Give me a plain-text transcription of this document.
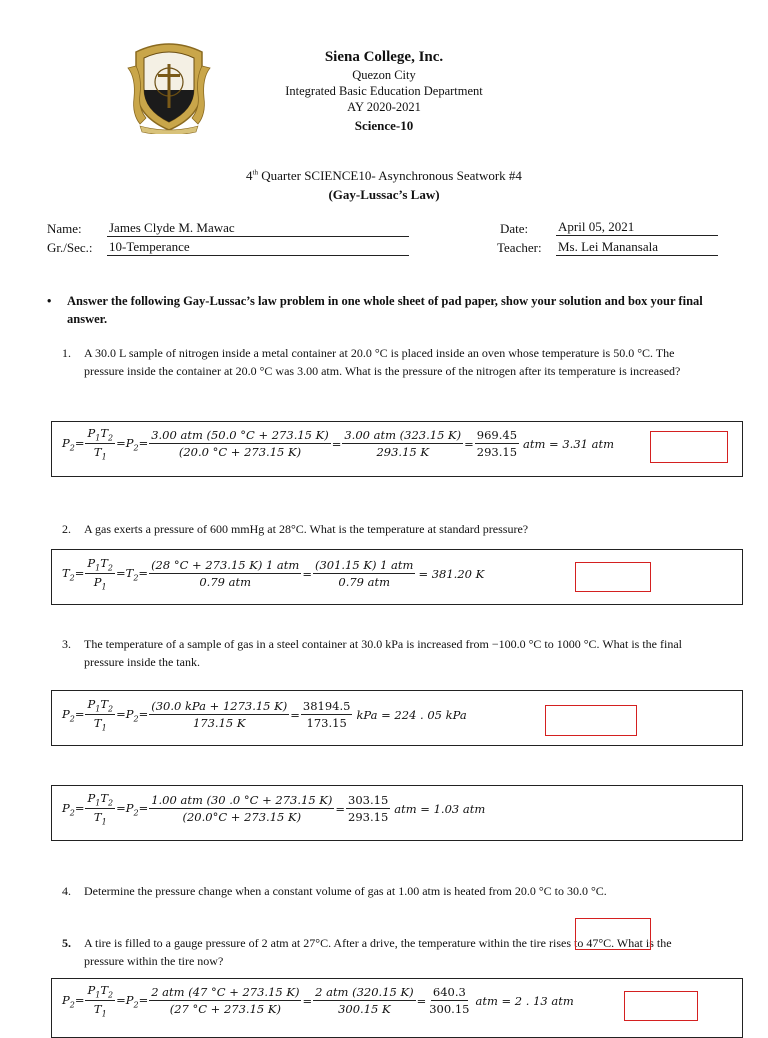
Siena College, Inc.
Quezon City
Integrated Basic Education Department
AY 2020-2021
Science-10
4th Quarter SCIENCE10- Asynchronous Seatwork #4
(Gay-Lussac’s Law)
Name: James Clyde M. Mawac
Gr./Sec.: 10-Temperance
Date: April 05, 2021
Teacher: Ms. Lei Manansala
• Answer the following Gay-Lussac’s law problem in one whole sheet of pad paper, show your solution and box your final answer.
1. A 30.0 L sample of nitrogen inside a metal container at 20.0 °C is placed inside an oven whose temperature is 50.0 °C. The pressure inside the container at 20.0 °C was 3.00 atm. What is the pressure of the nitrogen after its temperature is increased?
$P_2= \frac{P_1T_2}{T_1} =P_2= \frac{\text{3.00 atm (50.0 °C + 273.15 K)}}{(20.0 ^\circ C + 273.15 K)} = \frac{\text{3.00 atm (323.15 K)}}{293.15 K} = \frac{969.45}{293.15}$ atm = 3.31 atm
2. A gas exerts a pressure of 600 mmHg at 28°C. What is the temperature at standard pressure?
$T_2= \frac{P_1T_2}{P_1} =T_2= \frac{\text{(28 °C + 273.15 K) 1 atm}}{\text{0.79 atm}} = \frac{\text{(301.15 K) 1 atm}}{\text{0.79 atm}} = 381.20$ K
3. The temperature of a sample of gas in a steel container at 30.0 kPa is increased from −100.0 °C to 1000 °C. What is the final pressure inside the tank.
$P_2= \frac{P_1T_2}{T_1} =P_2= \frac{\text{(30.0 kPa + 1273.15 K)}}{173.15 K} = \frac{38194.5}{173.15}$ kPa = 224 . 05 kPa
$P_2= \frac{P_1T_2}{T_1} =P_2= \frac{\text{1.00 atm (30 .0 °C + 273.15 K)}}{(20.0^\circ C + 273.15 K)} = \frac{303.15}{293.15}$ atm = 1.03 atm
4. Determine the pressure change when a constant volume of gas at 1.00 atm is heated from 20.0 °C to 30.0 °C.
5. A tire is filled to a gauge pressure of 2 atm at 27°C. After a drive, the temperature within the tire rises to 47°C. What is the pressure within the tire now?
$P_2= \frac{P_1T_2}{T_1} =P_2= \frac{\text{2 atm (47 °C + 273.15 K)}}{(27 ^\circ C + 273.15 K)} = \frac{\text{2 atm (320.15 K)}}{300.15 K} = \frac{640.3}{300.15}$ atm = 2 . 13 atm
